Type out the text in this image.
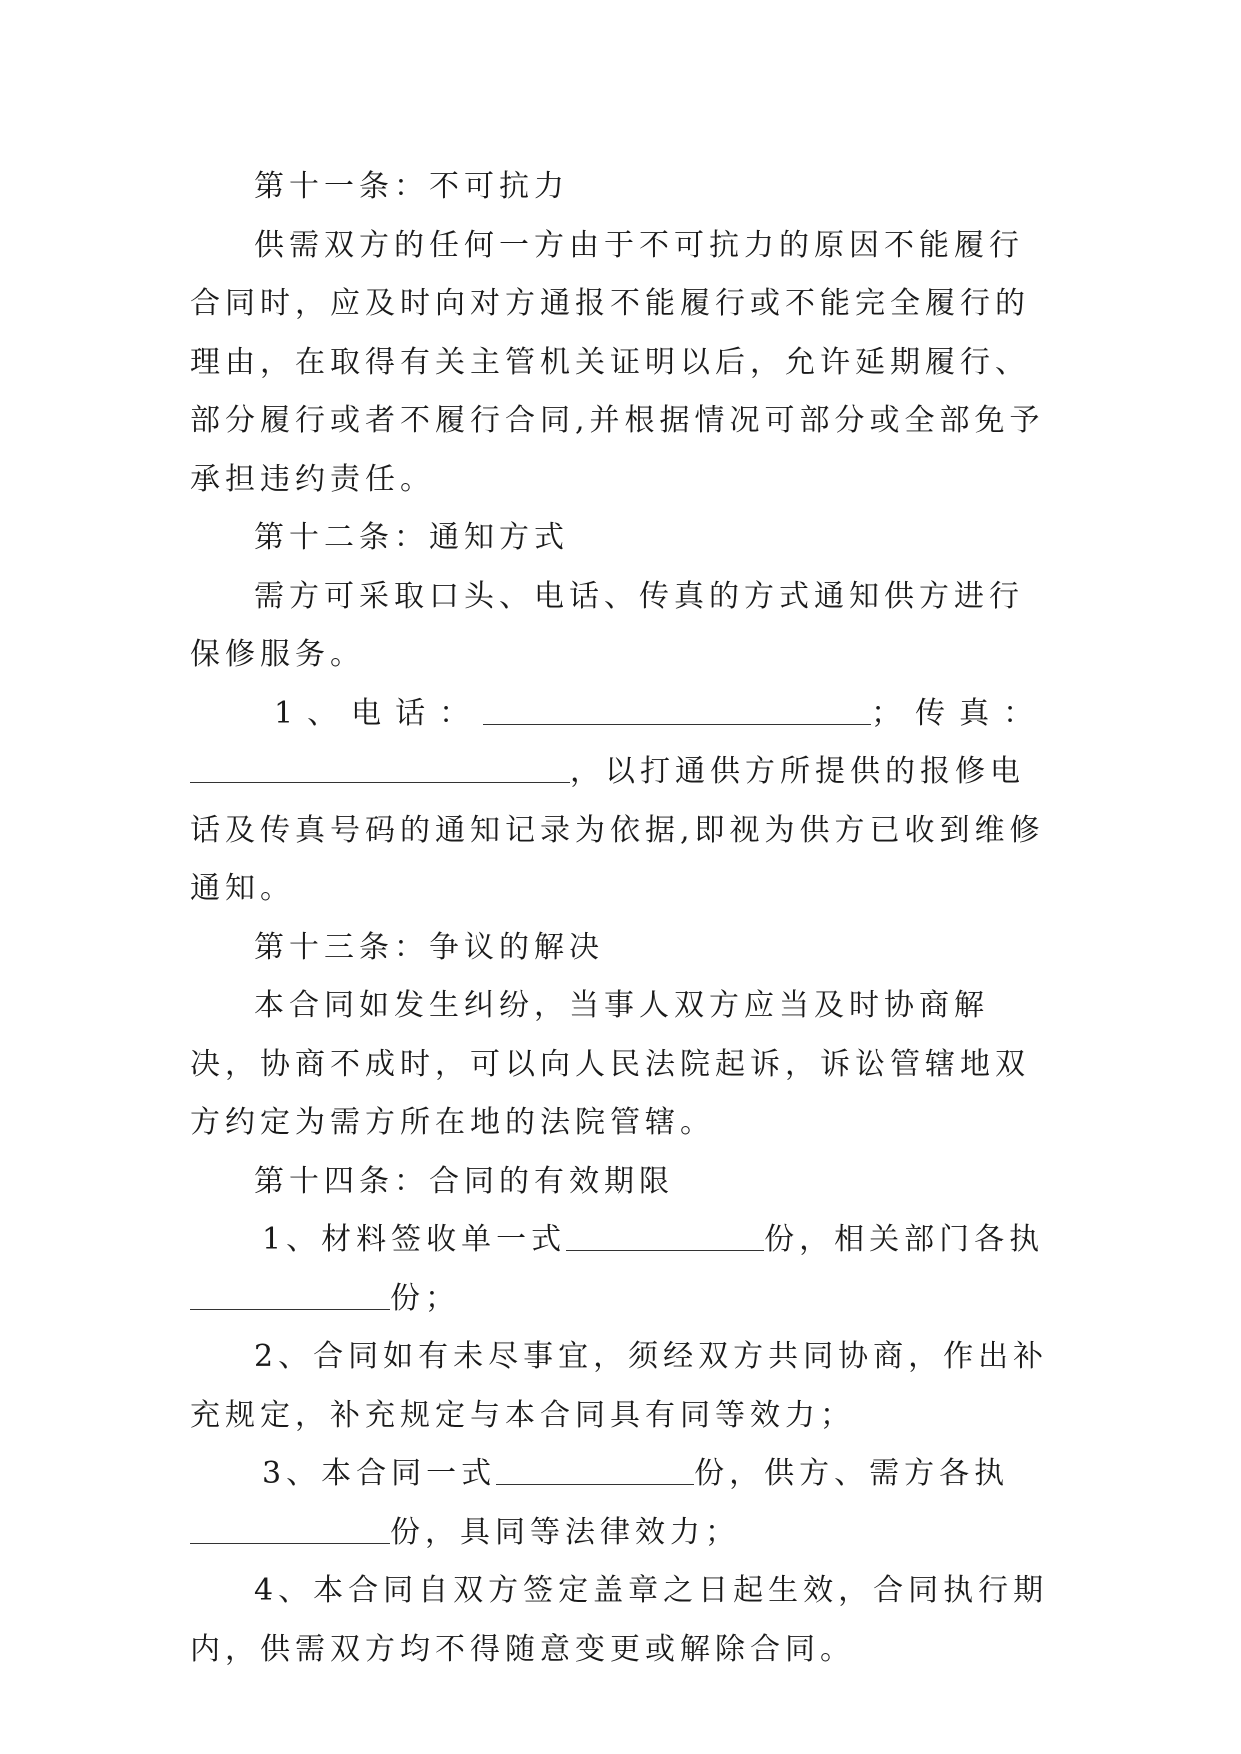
第十一条：不可抗力

供需双方的任何一方由于不可抗力的原因不能履行合同时，应及时向对方通报不能履行或不能完全履行的理由，在取得有关主管机关证明以后，允许延期履行、部分履行或者不履行合同,并根据情况可部分或全部免予承担违约责任。

第十二条：通知方式

需方可采取口头、电话、传真的方式通知供方进行保修服务。

1、电话：	；传真：，以打通供方所提供的报修电话及传真号码的通知记录为依据,即视为供方已收到维修通知。

第十三条：争议的解决

本合同如发生纠纷，当事人双方应当及时协商解决，协商不成时，可以向人民法院起诉，诉讼管辖地双方约定为需方所在地的法院管辖。

第十四条：合同的有效期限

1、材料签收单一式	份，相关部门各执份；

2、合同如有未尽事宜，须经双方共同协商，作出补充规定，补充规定与本合同具有同等效力；

3、本合同一式	份，供方、需方各执份，具同等法律效力；

4、本合同自双方签定盖章之日起生效，合同执行期内，供需双方均不得随意变更或解除合同。
